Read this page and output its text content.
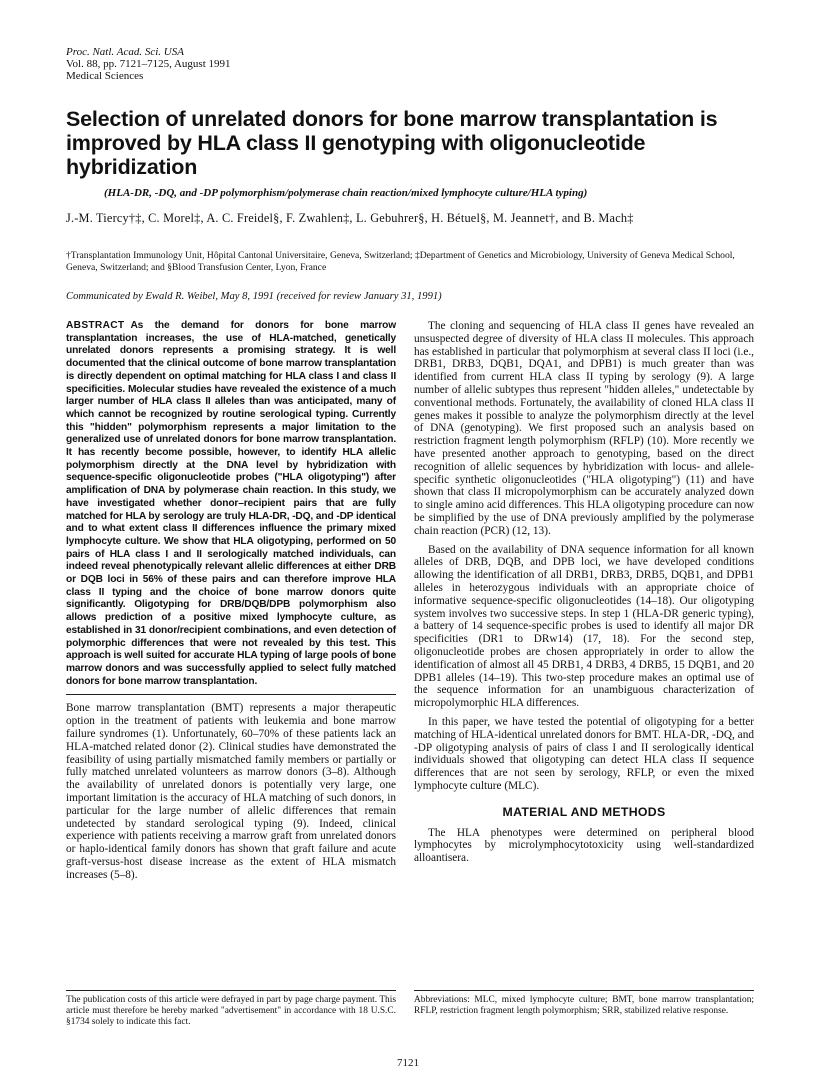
Proc. Natl. Acad. Sci. USA
Vol. 88, pp. 7121–7125, August 1991
Medical Sciences
Selection of unrelated donors for bone marrow transplantation is improved by HLA class II genotyping with oligonucleotide hybridization
(HLA-DR, -DQ, and -DP polymorphism/polymerase chain reaction/mixed lymphocyte culture/HLA typing)
J.-M. Tiercy†‡, C. Morel‡, A. C. Freidel§, F. Zwahlen‡, L. Gebuhrer§, H. Bétuel§, M. Jeannet†, and B. Mach‡
†Transplantation Immunology Unit, Hôpital Cantonal Universitaire, Geneva, Switzerland; ‡Department of Genetics and Microbiology, University of Geneva Medical School, Geneva, Switzerland; and §Blood Transfusion Center, Lyon, France
Communicated by Ewald R. Weibel, May 8, 1991 (received for review January 31, 1991)
ABSTRACT As the demand for donors for bone marrow transplantation increases, the use of HLA-matched, genetically unrelated donors represents a promising strategy. It is well documented that the clinical outcome of bone marrow transplantation is directly dependent on optimal matching for HLA class I and class II specificities. Molecular studies have revealed the existence of a much larger number of HLA class II alleles than was anticipated, many of which cannot be recognized by routine serological typing. Currently this "hidden" polymorphism represents a major limitation to the generalized use of unrelated donors for bone marrow transplantation. It has recently become possible, however, to identify HLA allelic polymorphism directly at the DNA level by hybridization with sequence-specific oligonucleotide probes ("HLA oligotyping") after amplification of DNA by polymerase chain reaction. In this study, we have investigated whether donor–recipient pairs that are fully matched for HLA by serology are truly HLA-DR, -DQ, and -DP identical and to what extent class II differences influence the primary mixed lymphocyte culture. We show that HLA oligotyping, performed on 50 pairs of HLA class I and II serologically matched individuals, can indeed reveal phenotypically relevant allelic differences at either DRB or DQB loci in 56% of these pairs and can therefore improve HLA class II typing and the choice of bone marrow donors quite significantly. Oligotyping for DRB/DQB/DPB polymorphism also allows prediction of a positive mixed lymphocyte culture, as established in 31 donor/recipient combinations, and even detection of polymorphic differences that were not revealed by this test. This approach is well suited for accurate HLA typing of large pools of bone marrow donors and was successfully applied to select fully matched donors for bone marrow transplantation.

Bone marrow transplantation (BMT) represents a major therapeutic option in the treatment of patients with leukemia and bone marrow failure syndromes (1). Unfortunately, 60–70% of these patients lack an HLA-matched related donor (2). Clinical studies have demonstrated the feasibility of using partially mismatched family members or partially or fully matched unrelated volunteers as marrow donors (3–8). Although the availability of unrelated donors is potentially very large, one important limitation is the accuracy of HLA matching of such donors, in particular for the large number of allelic differences that remain undetected by standard serological typing (9). Indeed, clinical experience with patients receiving a marrow graft from unrelated donors or haplo-identical family donors has shown that graft failure and acute graft-versus-host disease increase as the extent of HLA mismatch increases (5–8).

The cloning and sequencing of HLA class II genes have revealed an unsuspected degree of diversity of HLA class II molecules. This approach has established in particular that polymorphism at several class II loci (i.e., DRB1, DRB3, DQB1, DQA1, and DPB1) is much greater than was identified from current HLA class II typing by serology (9). A large number of allelic subtypes thus represent "hidden alleles," undetectable by conventional methods. Fortunately, the availability of cloned HLA class II genes makes it possible to analyze the polymorphism directly at the level of DNA (genotyping). We first proposed such an analysis based on restriction fragment length polymorphism (RFLP) (10). More recently we have presented another approach to genotyping, based on the direct recognition of allelic sequences by hybridization with locus- and allele-specific synthetic oligonucleotides ("HLA oligotyping") (11) and have shown that class II micropolymorphism can be accurately analyzed down to single amino acid differences. This HLA oligotyping procedure can now be simplified by the use of DNA previously amplified by the polymerase chain reaction (PCR) (12, 13).

Based on the availability of DNA sequence information for all known alleles of DRB, DQB, and DPB loci, we have developed conditions allowing the identification of all DRB1, DRB3, DRB5, DQB1, and DPB1 alleles in heterozygous individuals with an appropriate choice of informative sequence-specific oligonucleotides (14–18). Our oligotyping system involves two successive steps. In step 1 (HLA-DR generic typing), a battery of 14 sequence-specific probes is used to identify all major DR specificities (DR1 to DRw14) (17, 18). For the second step, oligonucleotide probes are chosen appropriately in order to allow the identification of almost all 45 DRB1, 4 DRB3, 4 DRB5, 15 DQB1, and 20 DPB1 alleles (14–19). This two-step procedure makes an optimal use of the sequence information for an unambiguous characterization of micropolymorphic HLA differences.

In this paper, we have tested the potential of oligotyping for a better matching of HLA-identical unrelated donors for BMT. HLA-DR, -DQ, and -DP oligotyping analysis of pairs of class I and II serologically identical individuals showed that oligotyping can detect HLA class II sequence differences that are not seen by serology, RFLP, or even the mixed lymphocyte culture (MLC).

MATERIAL AND METHODS

The HLA phenotypes were determined on peripheral blood lymphocytes by microlymphocytotoxicity using well-standardized alloantisera.

The publication costs of this article were defrayed in part by page charge payment. This article must therefore be hereby marked "advertisement" in accordance with 18 U.S.C. §1734 solely to indicate this fact.
Abbreviations: MLC, mixed lymphocyte culture; BMT, bone marrow transplantation; RFLP, restriction fragment length polymorphism; SRR, stabilized relative response.
7121
